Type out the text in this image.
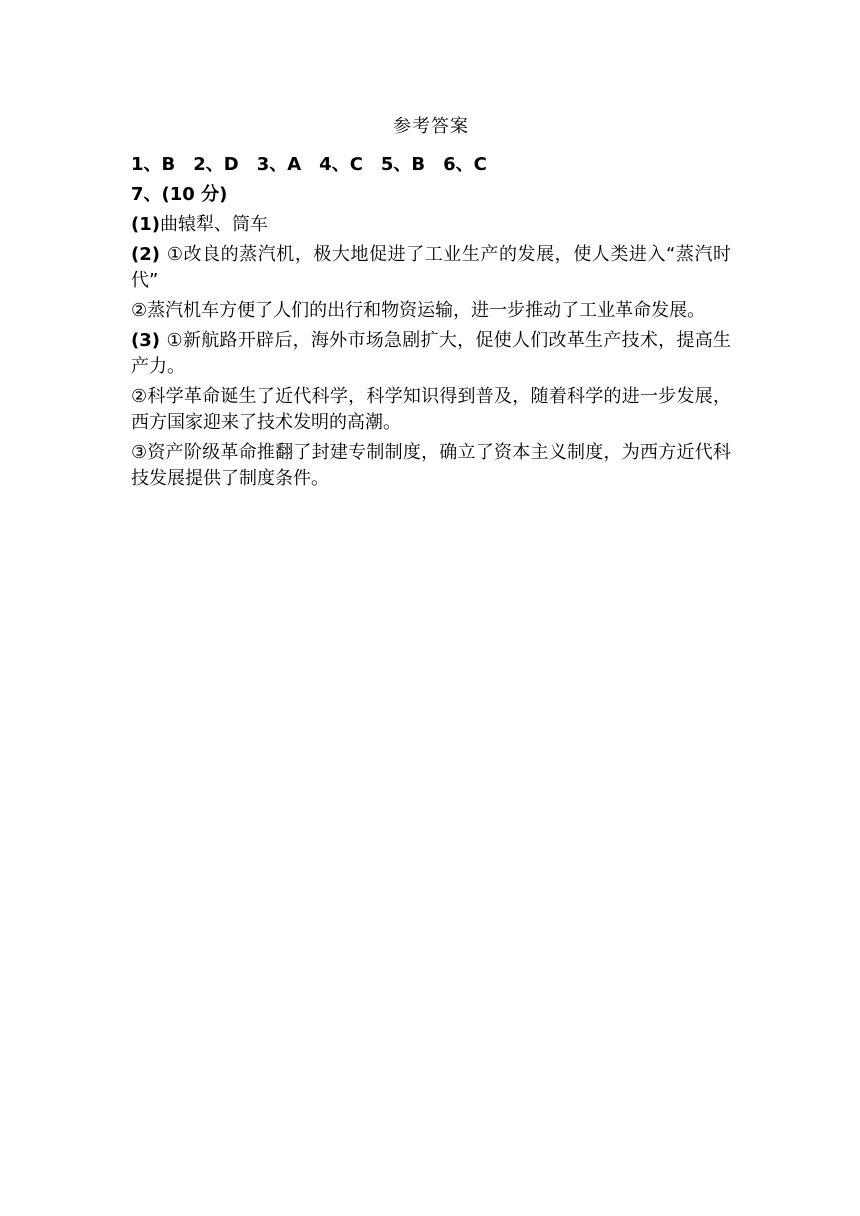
参考答案
1、B　2、D　3、A　4、C　5、B　6、C
7、(10 分)
(1)曲辕犁、筒车
(2) ①改良的蒸汽机，极大地促进了工业生产的发展，使人类进入“蒸汽时代”
②蒸汽机车方便了人们的出行和物资运输，进一步推动了工业革命发展。
(3) ①新航路开辟后，海外市场急剧扩大，促使人们改革生产技术，提高生产力。
②科学革命诞生了近代科学，科学知识得到普及，随着科学的进一步发展，西方国家迎来了技术发明的高潮。
③资产阶级革命推翻了封建专制制度，确立了资本主义制度，为西方近代科技发展提供了制度条件。
